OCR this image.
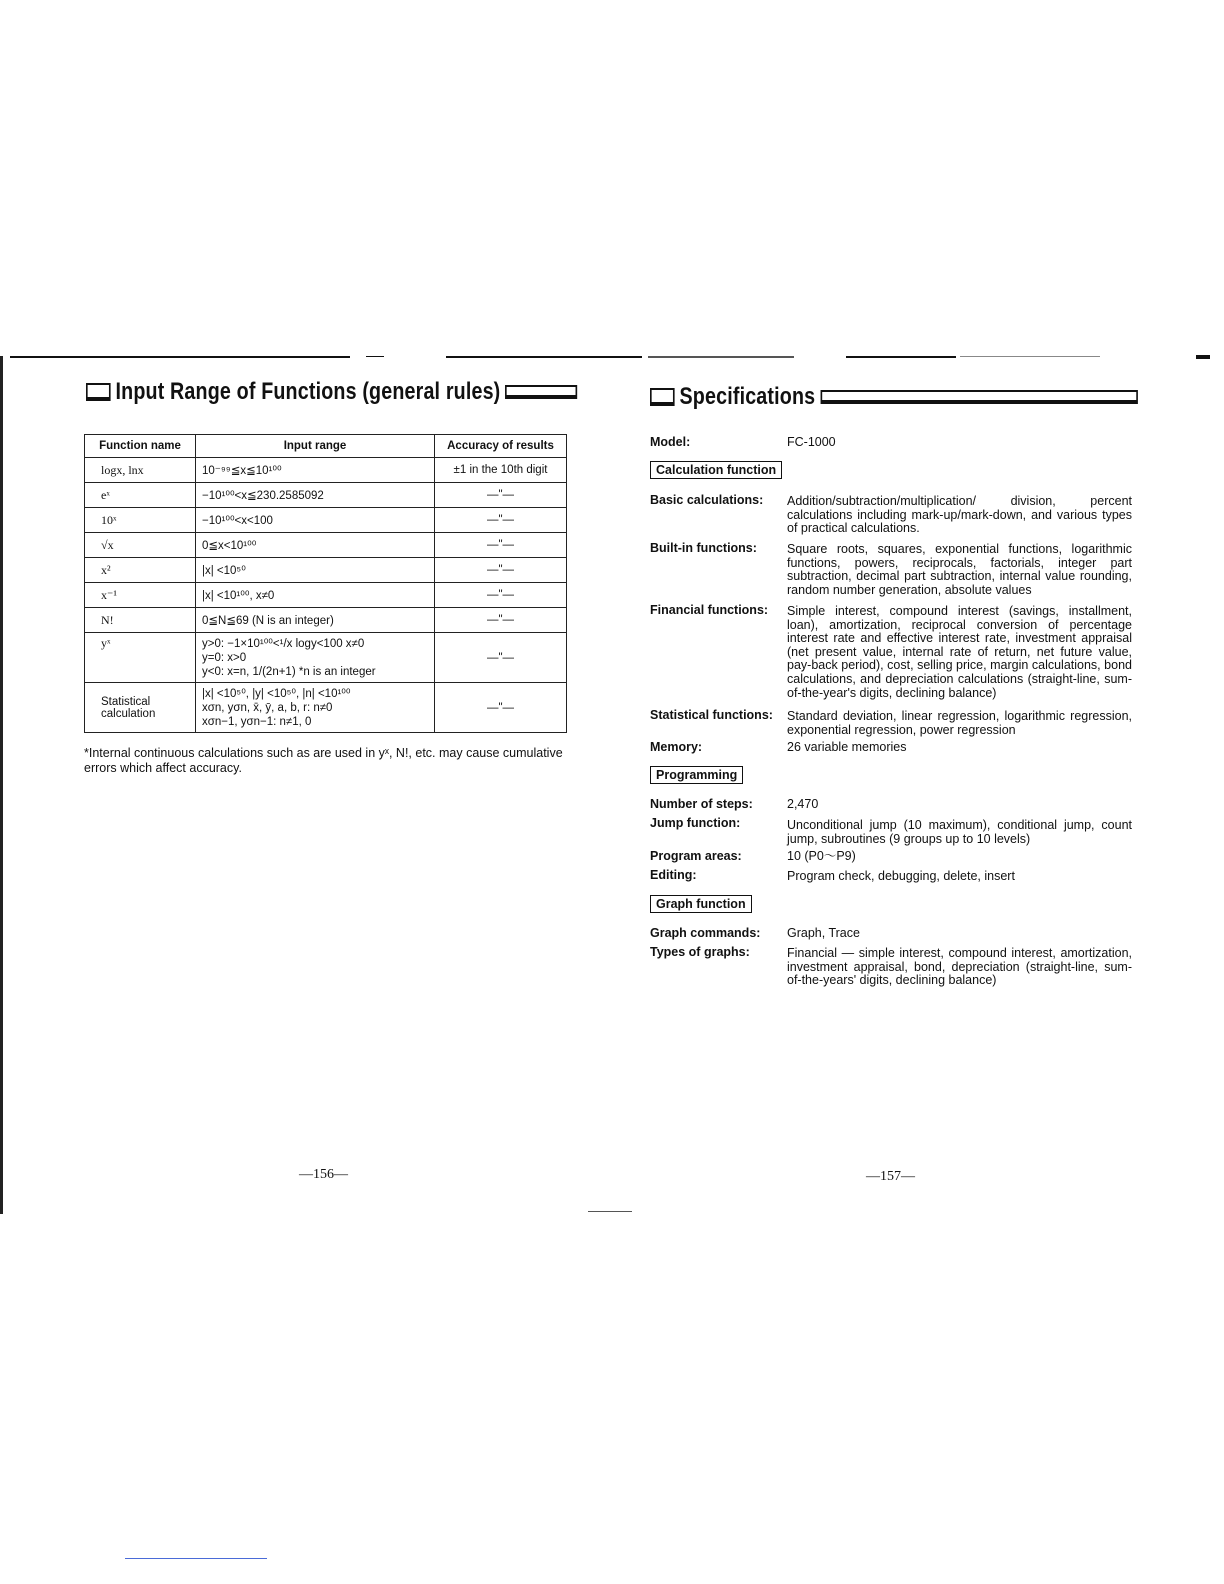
Input Range of Functions (general rules)
Function name	Input range	Accuracy of results
logx, lnx	10⁻⁹⁹≦x≦10¹⁰⁰	±1 in the 10th digit
eˣ	−10¹⁰⁰<x≦230.2585092	—"—
10ˣ	−10¹⁰⁰<x<100	—"—
√x	0≦x<10¹⁰⁰	—"—
x²	|x| <10⁵⁰	—"—
x⁻¹	|x| <10¹⁰⁰, x≠0	—"—
N!	0≦N≦69 (N is an integer)	—"—
yˣ	y>0: −1×10¹⁰⁰<¹/x logy<100 x≠0
y=0: x>0
y<0: x=n, 1/(2n+1) *n is an integer	—"—
Statistical calculation	|x| <10⁵⁰, |y| <10⁵⁰, |n| <10¹⁰⁰
xσn, yσn, x̄, ȳ, a, b, r: n≠0
xσn−1, yσn−1: n≠1, 0	—"—
*Internal continuous calculations such as are used in yˣ, N!, etc. may cause cumulative errors which affect accuracy.
—156—
Specifications
Model:	FC-1000
Calculation function
Basic calculations: Addition/subtraction/multiplication/ division, percent calculations including mark-up/mark-down, and various types of practical calculations.
Built-in functions: Square roots, squares, exponential functions, logarithmic functions, powers, reciprocals, factorials, integer part subtraction, decimal part subtraction, internal value rounding, random number generation, absolute values
Financial functions: Simple interest, compound interest (savings, installment, loan), amortization, reciprocal conversion of percentage interest rate and effective interest rate, investment appraisal (net present value, internal rate of return, net future value, pay-back period), cost, selling price, margin calculations, bond calculations, and depreciation calculations (straight-line, sum-of-the-year's digits, declining balance)
Statistical functions: Standard deviation, linear regression, logarithmic regression, exponential regression, power regression
Memory:	26 variable memories
Programming
Number of steps:	2,470
Jump function:	Unconditional jump (10 maximum), conditional jump, count jump, subroutines (9 groups up to 10 levels)
Program areas:	10 (P0～P9)
Editing:	Program check, debugging, delete, insert
Graph function
Graph commands: Graph, Trace
Types of graphs:	Financial — simple interest, compound interest, amortization, investment appraisal, bond, depreciation (straight-line, sum-of-the-years' digits, declining balance)
—157—
